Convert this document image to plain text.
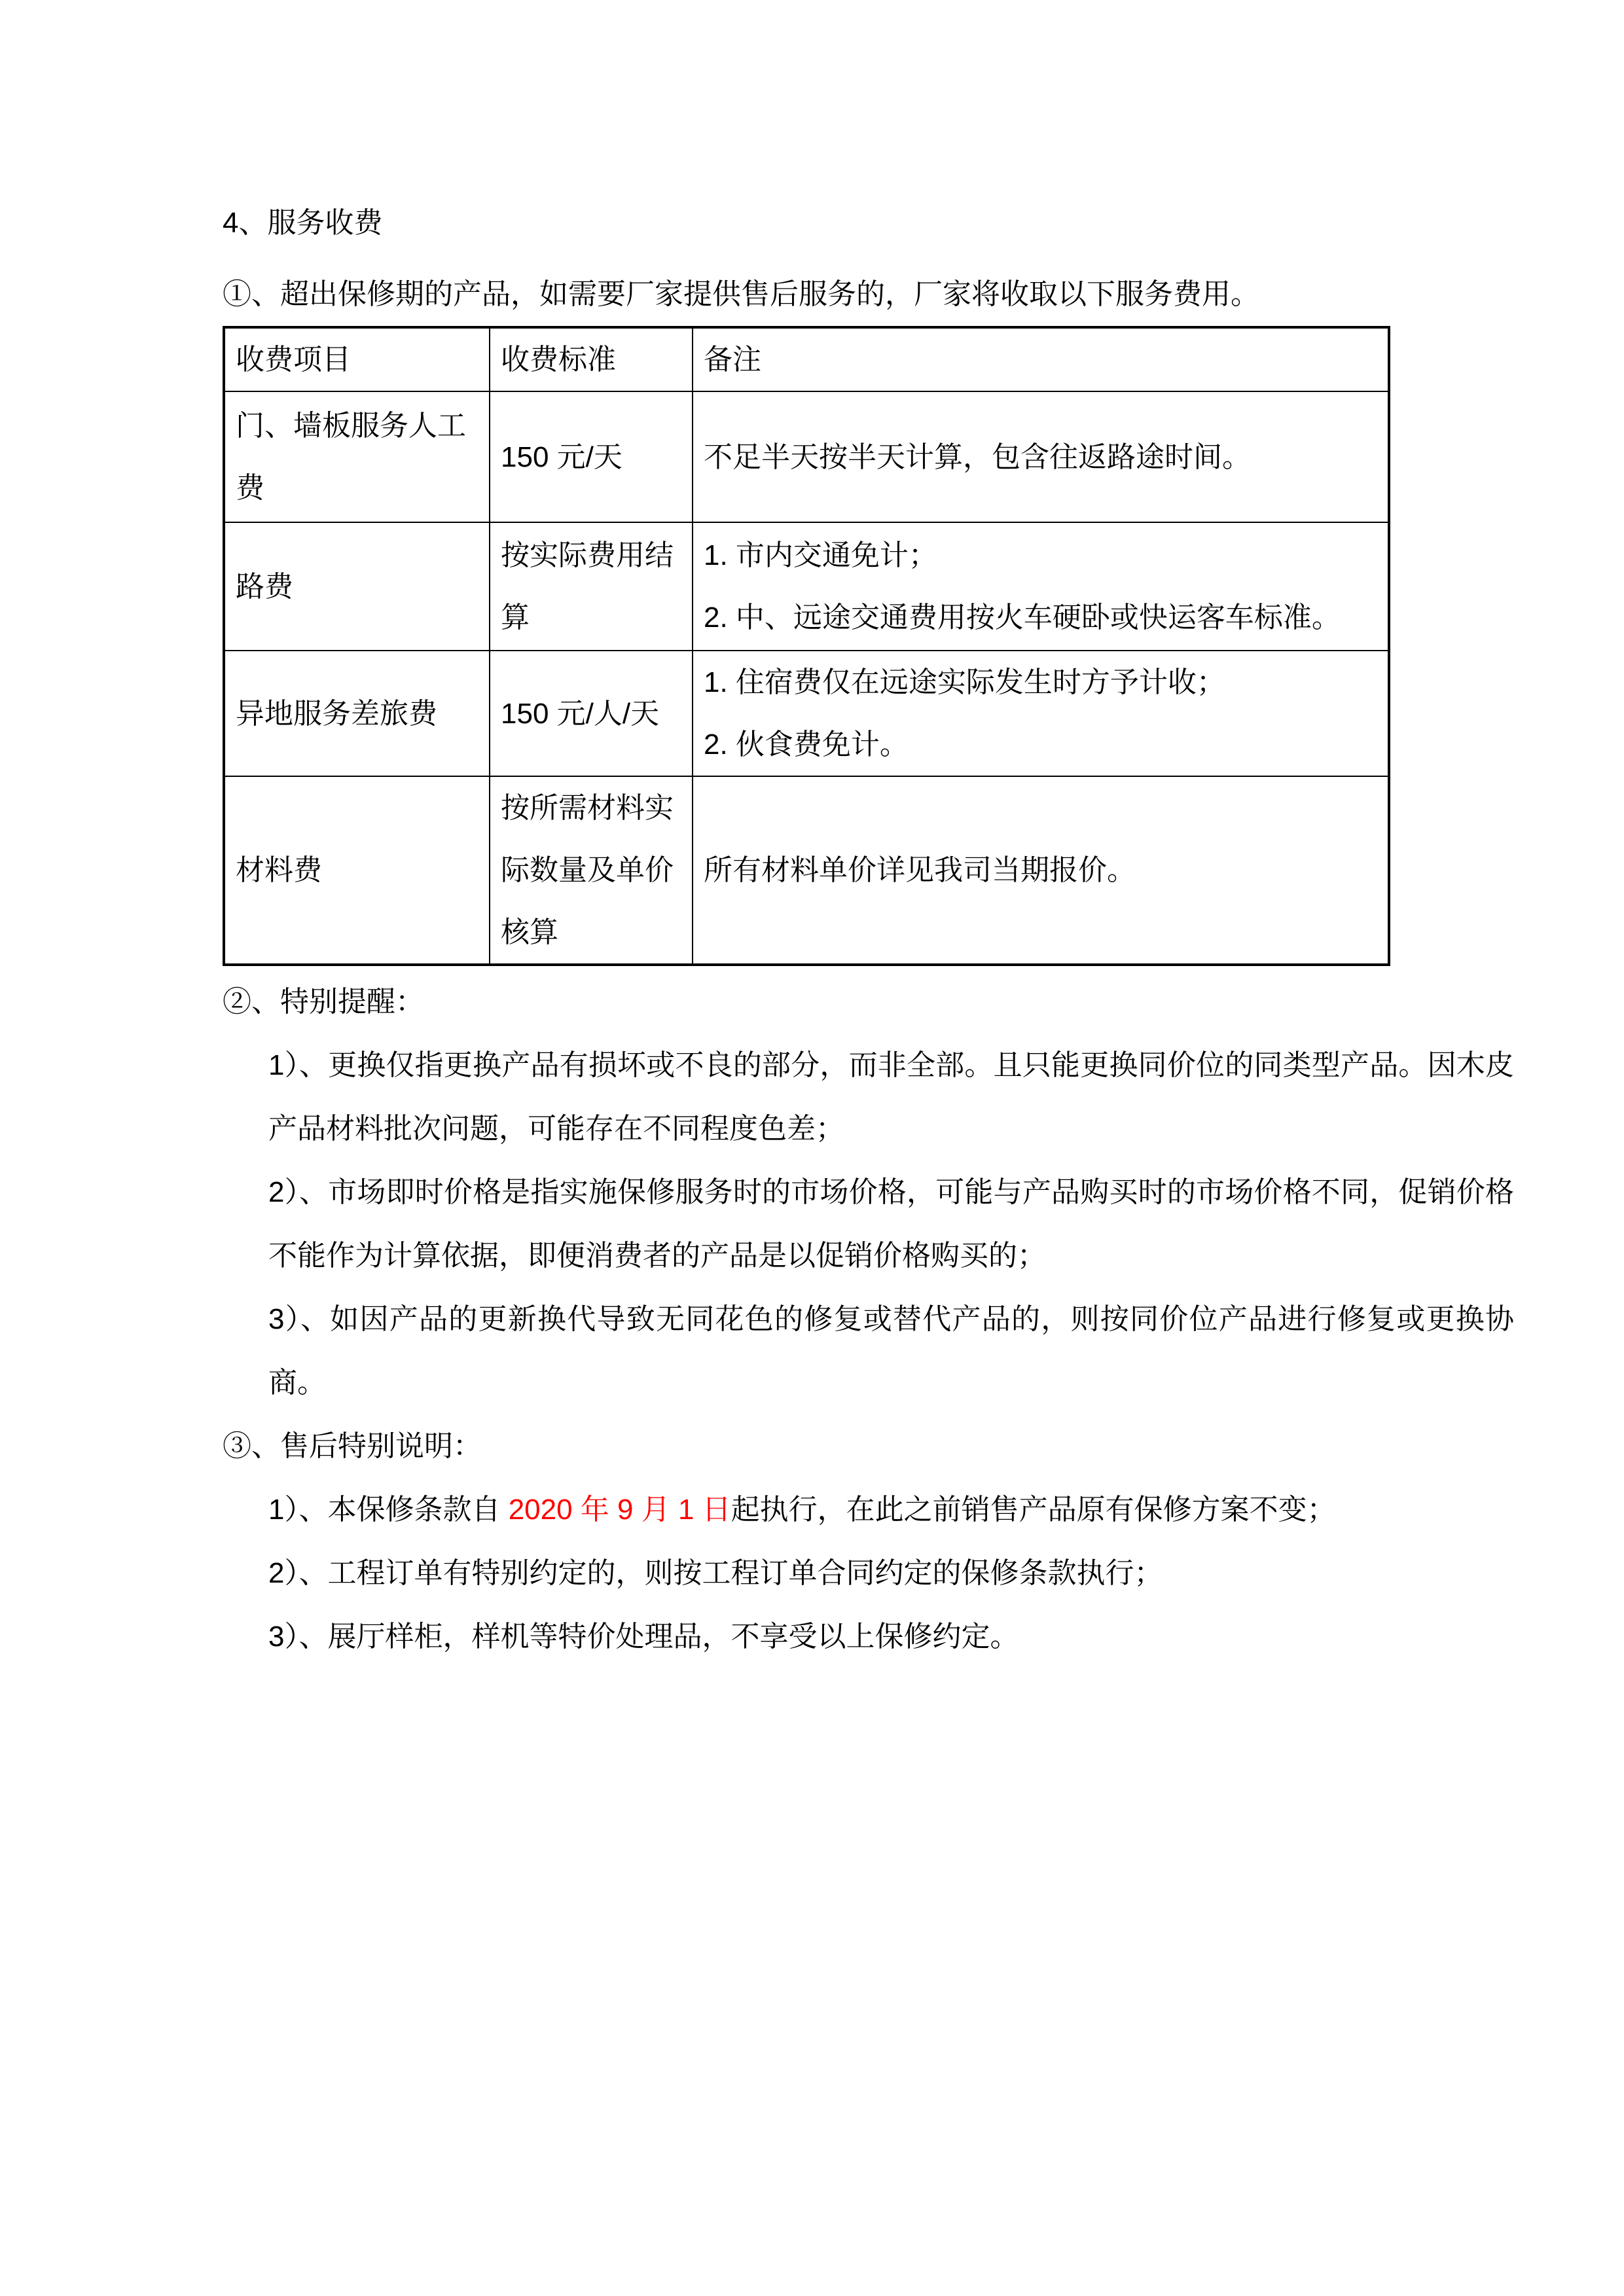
4、服务收费

①、超出保修期的产品，如需要厂家提供售后服务的，厂家将收取以下服务费用。

收费项目	收费标准	备注
门、墙板服务人工费	150 元/天	不足半天按半天计算，包含往返路途时间。

路费	按实际费用结算	1. 市内交通免计；
2. 中、远途交通费用按火车硬卧或快运客车标准。

异地服务差旅费	150 元/人/天	1. 住宿费仅在远途实际发生时方予计收；
2. 伙食费免计。

材料费	按所需材料实际数量及单价核算	所有材料单价详见我司当期报价。

②、特别提醒：

1）、更换仅指更换产品有损坏或不良的部分，而非全部。且只能更换同价位的同类型产品。因木皮产品材料批次问题，可能存在不同程度色差；

2）、市场即时价格是指实施保修服务时的市场价格，可能与产品购买时的市场价格不同，促销价格不能作为计算依据，即便消费者的产品是以促销价格购买的；

3）、如因产品的更新换代导致无同花色的修复或替代产品的，则按同价位产品进行修复或更换协商。

③、售后特别说明：

1）、本保修条款自 2020 年 9 月 1 日起执行，在此之前销售产品原有保修方案不变；

2）、工程订单有特别约定的，则按工程订单合同约定的保修条款执行；

3）、展厅样柜，样机等特价处理品，不享受以上保修约定。
